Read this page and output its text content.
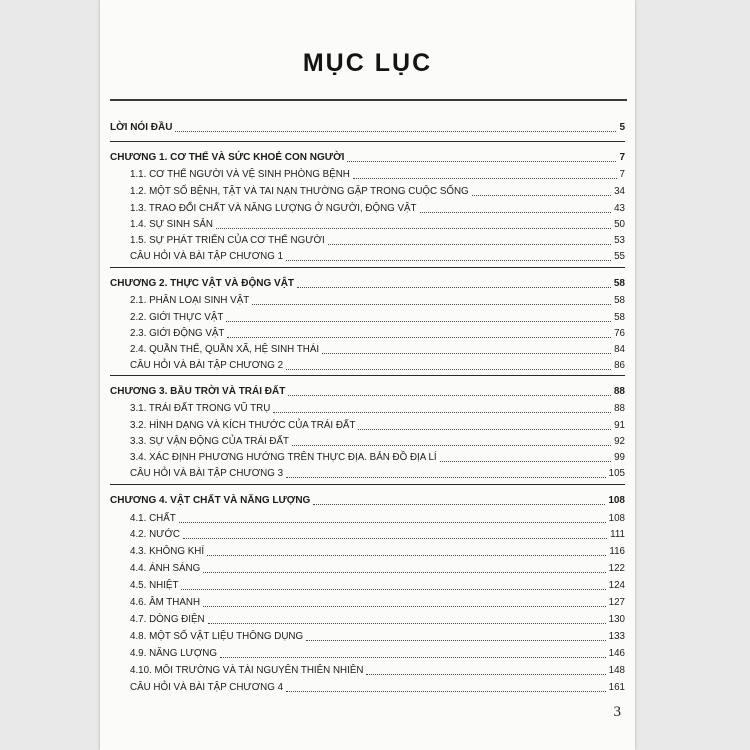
MỤC LỤC
LỜI NÓI ĐẦU	5
CHƯƠNG 1. CƠ THỂ VÀ SỨC KHOẺ CON NGƯỜI	7
1.1. CƠ THỂ NGƯỜI VÀ VỆ SINH PHÒNG BỆNH	7
1.2. MỘT SỐ BỆNH, TẬT VÀ TAI NẠN THƯỜNG GẶP TRONG CUỘC SỐNG	34
1.3. TRAO ĐỔI CHẤT VÀ NĂNG LƯỢNG Ở NGƯỜI, ĐỘNG VẬT	43
1.4. SỰ SINH SẢN	50
1.5. SỰ PHÁT TRIỂN CỦA CƠ THỂ NGƯỜI	53
CÂU HỎI VÀ BÀI TẬP CHƯƠNG 1	55
CHƯƠNG 2. THỰC VẬT VÀ ĐỘNG VẬT	58
2.1. PHÂN LOẠI SINH VẬT	58
2.2. GIỚI THỰC VẬT	58
2.3. GIỚI ĐỘNG VẬT	76
2.4. QUẦN THỂ, QUẦN XÃ, HỆ SINH THÁI	84
CÂU HỎI VÀ BÀI TẬP CHƯƠNG 2	86
CHƯƠNG 3. BẦU TRỜI VÀ TRÁI ĐẤT	88
3.1. TRÁI ĐẤT TRONG VŨ TRỤ	88
3.2. HÌNH DẠNG VÀ KÍCH THƯỚC CỦA TRÁI ĐẤT	91
3.3. SỰ VẬN ĐỘNG CỦA TRÁI ĐẤT	92
3.4. XÁC ĐỊNH PHƯƠNG HƯỚNG TRÊN THỰC ĐỊA. BẢN ĐỒ ĐỊA LÍ	99
CÂU HỎI VÀ BÀI TẬP CHƯƠNG 3	105
CHƯƠNG 4. VẬT CHẤT VÀ NĂNG LƯỢNG	108
4.1. CHẤT	108
4.2. NƯỚC	111
4.3. KHÔNG KHÍ	116
4.4. ÁNH SÁNG	122
4.5. NHIỆT	124
4.6. ÂM THANH	127
4.7. DÒNG ĐIỆN	130
4.8. MỘT SỐ VẬT LIỆU THÔNG DỤNG	133
4.9. NĂNG LƯỢNG	146
4.10. MÔI TRƯỜNG VÀ TÀI NGUYÊN THIÊN NHIÊN	148
CÂU HỎI VÀ BÀI TẬP CHƯƠNG 4	161
3
